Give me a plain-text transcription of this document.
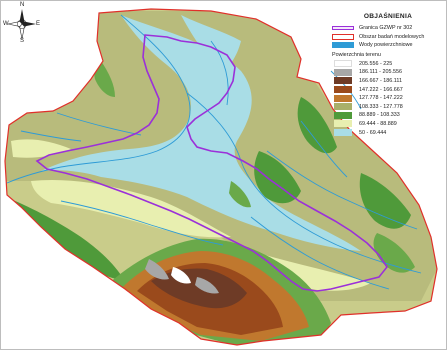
N
S
W	E
OBJAŚNIENIA
Granica GZWP nr 302
Obszar badań modelowych
Wody powierzchniowe
Powierzchnia terenu
205.556 - 225
186.111 - 205.556
166.667 - 186.111
147.222 - 166.667
127.778 - 147.222
108.333 - 127.778
88.889 - 108.333
69.444 - 88.889
50 - 69.444
